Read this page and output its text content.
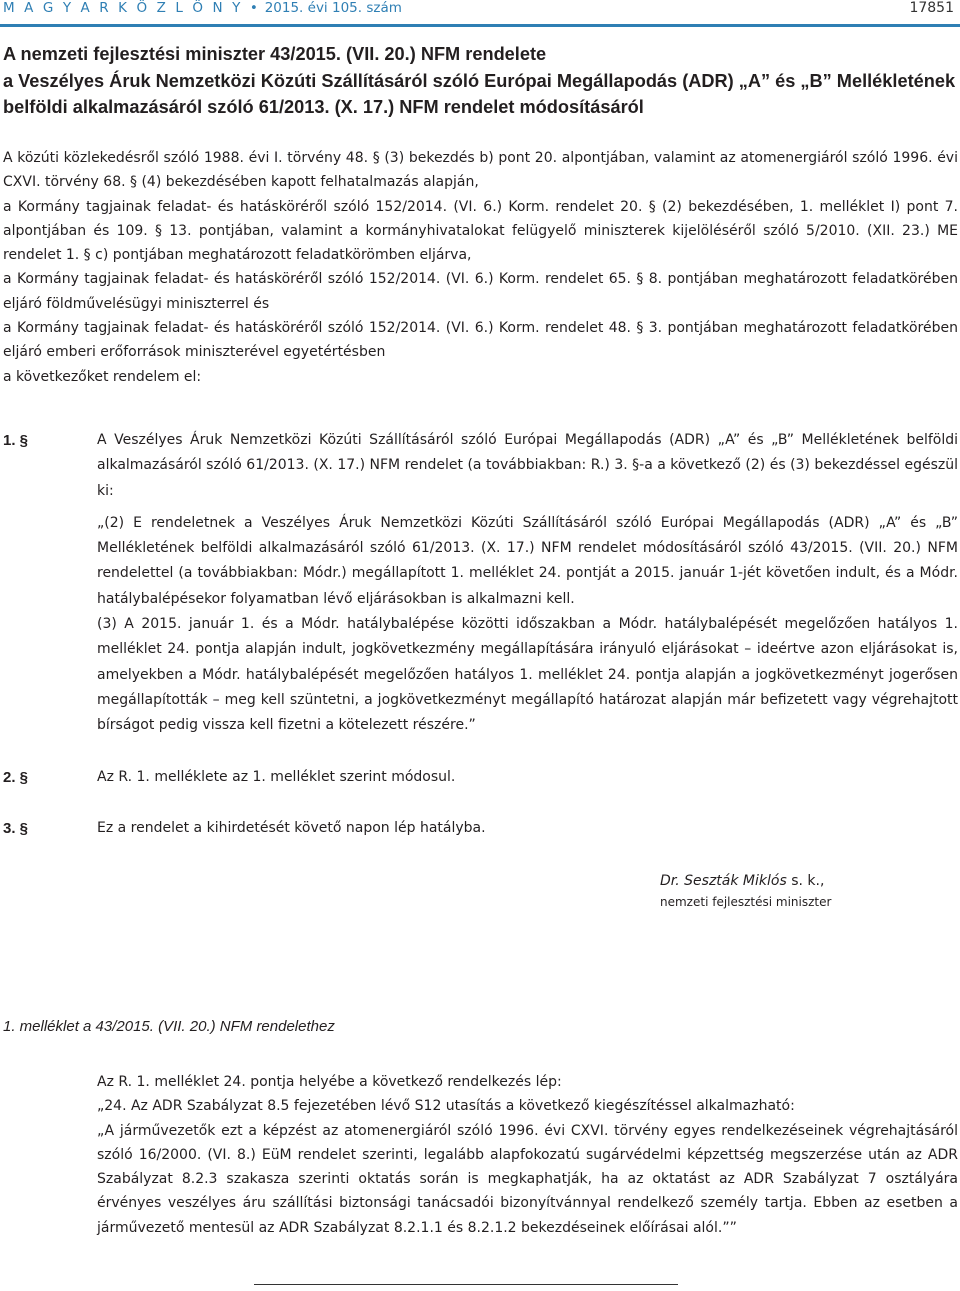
M A G Y A R K Ö Z L Ö N Y • 2015. évi 105. szám	17851
A nemzeti fejlesztési miniszter 43/2015. (VII. 20.) NFM rendelete
a Veszélyes Áruk Nemzetközi Közúti Szállításáról szóló Európai Megállapodás (ADR) „A” és „B” Mellékletének
belföldi alkalmazásáról szóló 61/2013. (X. 17.) NFM rendelet módosításáról

A közúti közlekedésről szóló 1988. évi I. törvény 48. § (3) bekezdés b) pont 20. alpontjában, valamint az atomenergiáról szóló 1996. évi CXVI. törvény 68. § (4) bekezdésében kapott felhatalmazás alapján,

a Kormány tagjainak feladat- és hatásköréről szóló 152/2014. (VI. 6.) Korm. rendelet 20. § (2) bekezdésében, 1. melléklet I) pont 7. alpontjában és 109. § 13. pontjában, valamint a kormányhivatalokat felügyelő miniszterek kijelöléséről szóló 5/2010. (XII. 23.) ME rendelet 1. § c) pontjában meghatározott feladatkörömben eljárva,

a Kormány tagjainak feladat- és hatásköréről szóló 152/2014. (VI. 6.) Korm. rendelet 65. § 8. pontjában meghatározott feladatkörében eljáró földművelésügyi miniszterrel és

a Kormány tagjainak feladat- és hatásköréről szóló 152/2014. (VI. 6.) Korm. rendelet 48. § 3. pontjában meghatározott feladatkörében eljáró emberi erőforrások miniszterével egyetértésben

a következőket rendelem el:

1. §	A Veszélyes Áruk Nemzetközi Közúti Szállításáról szóló Európai Megállapodás (ADR) „A” és „B” Mellékletének belföldi alkalmazásáról szóló 61/2013. (X. 17.) NFM rendelet (a továbbiakban: R.) 3. §-a a következő (2) és (3) bekezdéssel egészül ki:

„(2) E rendeletnek a Veszélyes Áruk Nemzetközi Közúti Szállításáról szóló Európai Megállapodás (ADR) „A” és „B” Mellékletének belföldi alkalmazásáról szóló 61/2013. (X. 17.) NFM rendelet módosításáról szóló 43/2015. (VII. 20.) NFM rendelettel (a továbbiakban: Módr.) megállapított 1. melléklet 24. pontját a 2015. január 1-jét követően indult, és a Módr. hatálybalépésekor folyamatban lévő eljárásokban is alkalmazni kell.

(3) A 2015. január 1. és a Módr. hatálybalépése közötti időszakban a Módr. hatálybalépését megelőzően hatályos 1. melléklet 24. pontja alapján indult, jogkövetkezmény megállapítására irányuló eljárásokat – ideértve azon eljárásokat is, amelyekben a Módr. hatálybalépését megelőzően hatályos 1. melléklet 24. pontja alapján a jogkövetkezményt jogerősen megállapították – meg kell szüntetni, a jogkövetkezményt megállapító határozat alapján már befizetett vagy végrehajtott bírságot pedig vissza kell fizetni a kötelezett részére.”

2. §	Az R. 1. melléklete az 1. melléklet szerint módosul.
3. §	Ez a rendelet a kihirdetését követő napon lép hatályba.
Dr. Seszták Miklós s. k.,
nemzeti fejlesztési miniszter
1. melléklet a 43/2015. (VII. 20.) NFM rendelethez

Az R. 1. melléklet 24. pontja helyébe a következő rendelkezés lép:

„24. Az ADR Szabályzat 8.5 fejezetében lévő S12 utasítás a következő kiegészítéssel alkalmazható:

„A járművezetők ezt a képzést az atomenergiáról szóló 1996. évi CXVI. törvény egyes rendelkezéseinek végrehajtásáról szóló 16/2000. (VI. 8.) EüM rendelet szerinti, legalább alapfokozatú sugárvédelmi képzettség megszerzése után az ADR Szabályzat 8.2.3 szakasza szerinti oktatás során is megkaphatják, ha az oktatást az ADR Szabályzat 7 osztályára érvényes veszélyes áru szállítási biztonsági tanácsadói bizonyítvánnyal rendelkező személy tartja. Ebben az esetben a járművezető mentesül az ADR Szabályzat 8.2.1.1 és 8.2.1.2 bekezdéseinek előírásai alól.””
